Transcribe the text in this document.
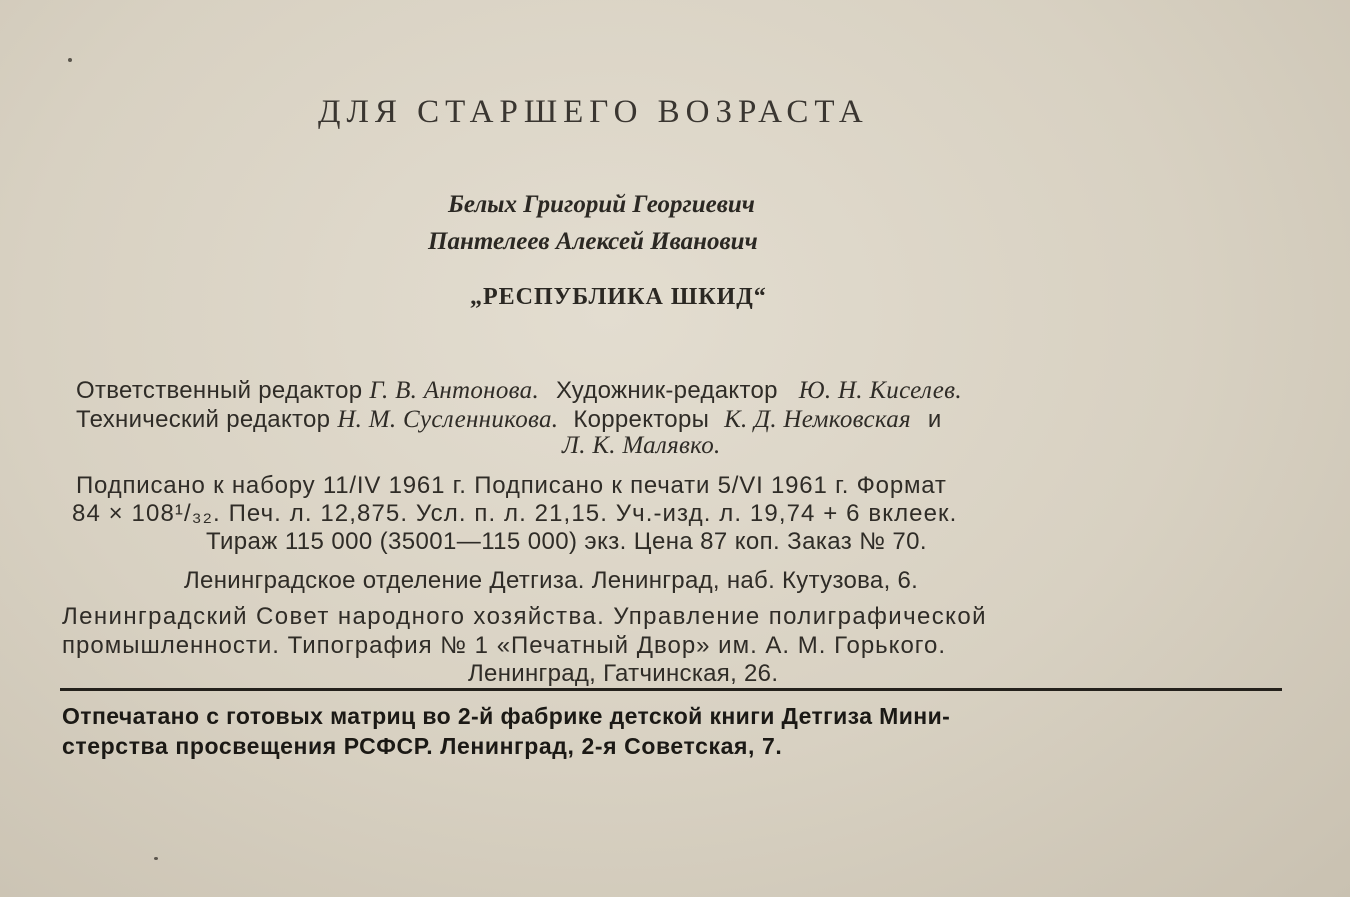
ДЛЯ СТАРШЕГО ВОЗРАСТА
Белых Григорий Георгиевич
Пантелеев Алексей Иванович
„РЕСПУБЛИКА ШКИД“
Ответственный редактор Г. В. Антонова. Художник-редактор Ю. Н. Киселев.
Технический редактор Н. М. Сусленникова. Корректоры К. Д. Немковская и
Л. К. Малявко.
Подписано к набору 11/IV 1961 г. Подписано к печати 5/VI 1961 г. Формат
84 × 108¹/₃₂. Печ. л. 12,875. Усл. п. л. 21,15. Уч.-изд. л. 19,74 + 6 вклеек.
Тираж 115 000 (35001—115 000) экз. Цена 87 коп. Заказ № 70.
Ленинградское отделение Детгиза. Ленинград, наб. Кутузова, 6.
Ленинградский Совет народного хозяйства. Управление полиграфической
промышленности. Типография № 1 «Печатный Двор» им. А. М. Горького.
Ленинград, Гатчинская, 26.
Отпечатано с готовых матриц во 2-й фабрике детской книги Детгиза Мини-
стерства просвещения РСФСР. Ленинград, 2-я Советская, 7.
